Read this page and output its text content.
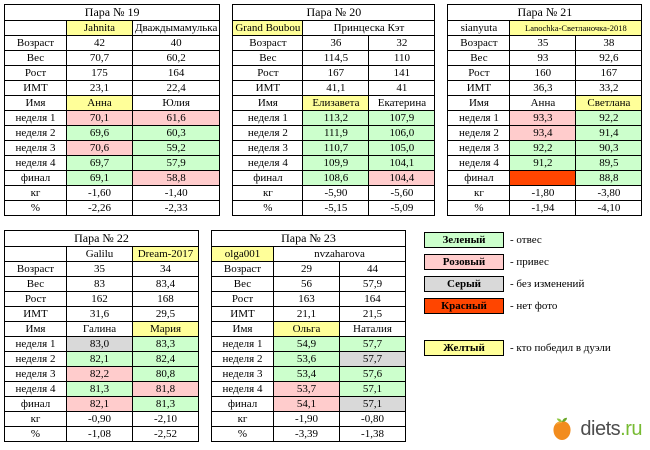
Пара № 19		
	Jahnita	Дваждымамулька
Возраст	42	40
Вес	70,7	60,2
Рост	175	164
ИМТ	23,1	22,4
Имя	Анна	Юлия
неделя 1	70,1	61,6
неделя 2	69,6	60,3
неделя 3	70,6	59,2
неделя 4	69,7	57,9
финал	69,1	58,8
кг	-1,60	-1,40
%	-2,26	-2,33
Пара № 20		
Grand Boubou	Принцеска Кэт	
Возраст	36	32
Вес	114,5	110
Рост	167	141
ИМТ	41,1	41
Имя	Елизавета	Екатерина
неделя 1	113,2	107,9
неделя 2	111,9	106,0
неделя 3	110,7	105,0
неделя 4	109,9	104,1
финал	108,6	104,4
кг	-5,90	-5,60
%	-5,15	-5,09
Пара № 21		
sianyuta	Lanochka-Светланочка-2018	
Возраст	35	38
Вес	93	92,6
Рост	160	167
ИМТ	36,3	33,2
Имя	Анна	Светлана
неделя 1	93,3	92,2
неделя 2	93,4	91,4
неделя 3	92,2	90,3
неделя 4	91,2	89,5
финал		88,8
кг	-1,80	-3,80
%	-1,94	-4,10
Пара № 22		
	Galilu	Dream-2017
Возраст	35	34
Вес	83	83,4
Рост	162	168
ИМТ	31,6	29,5
Имя	Галина	Мария
неделя 1	83,0	83,3
неделя 2	82,1	82,4
неделя 3	82,2	80,8
неделя 4	81,3	81,8
финал	82,1	81,3
кг	-0,90	-2,10
%	-1,08	-2,52
Пара № 23		
olga001	nvzaharova	
Возраст	29	44
Вес	56	57,9
Рост	163	164
ИМТ	21,1	21,5
Имя	Ольга	Наталия
неделя 1	54,9	57,7
неделя 2	53,6	57,7
неделя 3	53,4	57,6
неделя 4	53,7	57,1
финал	54,1	57,1
кг	-1,90	-0,80
%	-3,39	-1,38
Зеленый	- отвес
Розовый	- привес
Серый	- без изменений
Красный	- нет фото
Желтый	- кто победил в дуэли
diets.ru
